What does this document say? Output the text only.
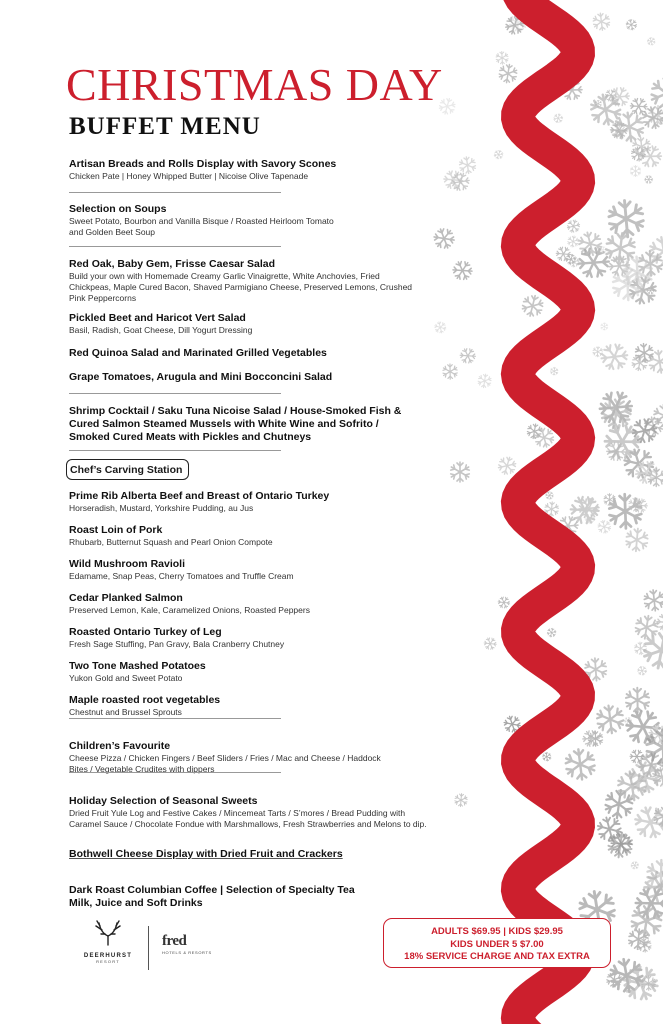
CHRISTMAS DAY
BUFFET MENU
Artisan Breads and Rolls Display with Savory Scones
Chicken Pate | Honey Whipped Butter | Nicoise Olive Tapenade
Selection on Soups
Sweet Potato, Bourbon and Vanilla Bisque / Roasted Heirloom Tomato and Golden Beet Soup
Red Oak, Baby Gem, Frisse Caesar Salad
Build your own with Homemade Creamy Garlic Vinaigrette, White Anchovies, Fried Chickpeas, Maple Cured Bacon, Shaved Parmigiano Cheese, Preserved Lemons, Crushed Pink Peppercorns
Pickled Beet and Haricot Vert Salad
Basil, Radish, Goat Cheese, Dill Yogurt Dressing
Red Quinoa Salad and Marinated Grilled Vegetables
Grape Tomatoes, Arugula and Mini Bocconcini Salad
Shrimp Cocktail / Saku Tuna Nicoise Salad / House-Smoked Fish & Cured Salmon Steamed Mussels with White Wine and Sofrito / Smoked Cured Meats with Pickles and Chutneys
Chef’s Carving Station
Prime Rib Alberta Beef and Breast of Ontario Turkey
Horseradish, Mustard, Yorkshire Pudding, au Jus
Roast Loin of Pork
Rhubarb, Butternut Squash and Pearl Onion Compote
Wild Mushroom Ravioli
Edamame, Snap Peas, Cherry Tomatoes and Truffle Cream
Cedar Planked Salmon
Preserved Lemon, Kale, Caramelized Onions, Roasted Peppers
Roasted Ontario Turkey of Leg
Fresh Sage Stuffing, Pan Gravy, Bala Cranberry Chutney
Two Tone Mashed Potatoes
Yukon Gold and Sweet Potato
Maple roasted root vegetables
Chestnut and Brussel Sprouts
Children’s Favourite
Cheese Pizza / Chicken Fingers / Beef Sliders / Fries / Mac and Cheese / Haddock Bites / Vegetable Crudites with dippers
Holiday Selection of Seasonal Sweets
Dried Fruit Yule Log and Festive Cakes / Mincemeat Tarts / S’mores / Bread Pudding with Caramel Sauce / Chocolate Fondue with Marshmallows, Fresh Strawberries and Melons to dip.
Bothwell Cheese Display with Dried Fruit and Crackers
Dark Roast Columbian Coffee | Selection of Specialty Tea
Milk, Juice and Soft Drinks
DEERHURST
RESORT
fred
HOTELS & RESORTS
ADULTS $69.95 | KIDS $29.95
KIDS UNDER 5 $7.00
18% SERVICE CHARGE AND TAX EXTRA
